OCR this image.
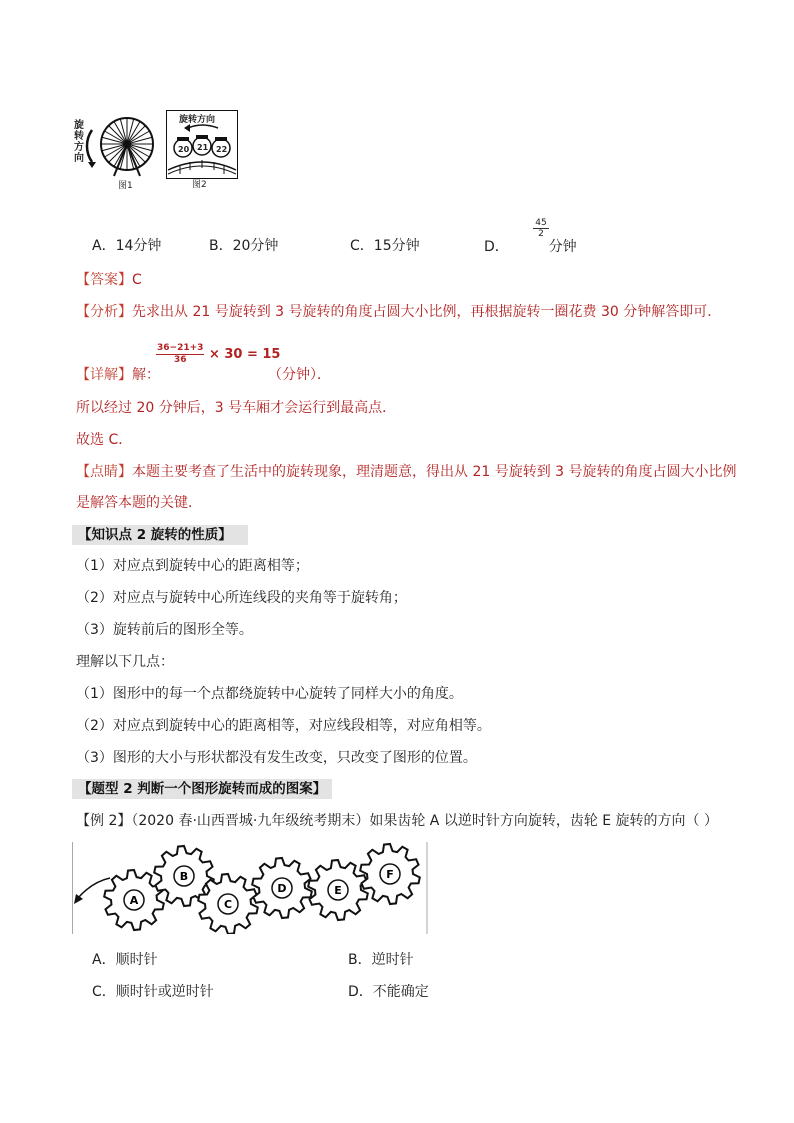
旋
转
方
向
图1
旋转方向
20 21 22
图2
A．14分钟	B．20分钟	C．15分钟	D．
$\frac{45}{2}$
分钟
【答案】C
【分析】先求出从 21 号旋转到 3 号旋转的角度占圆大小比例，再根据旋转一圈花费 30 分钟解答即可．
【详解】解：
$\frac{36-21+3}{36} \times 30 = 15$
（分钟）．
所以经过 20 分钟后，3 号车厢才会运行到最高点．
故选 C．
【点睛】本题主要考查了生活中的旋转现象，理清题意，得出从 21 号旋转到 3 号旋转的角度占圆大小比例
是解答本题的关键．
【知识点 2 旋转的性质】
（1）对应点到旋转中心的距离相等；
（2）对应点与旋转中心所连线段的夹角等于旋转角；
（3）旋转前后的图形全等。
理解以下几点：
（1）图形中的每一个点都绕旋转中心旋转了同样大小的角度。
（2）对应点到旋转中心的距离相等，对应线段相等，对应角相等。
（3）图形的大小与形状都没有发生改变，只改变了图形的位置。
【题型 2 判断一个图形旋转而成的图案】
【例 2】（2020 春·山西晋城·九年级统考期末）如果齿轮 A 以逆时针方向旋转，齿轮 E 旋转的方向（ ）
A
B
C
D	E
F
A．顺时针	B．逆时针
C．顺时针或逆时针	D．不能确定
